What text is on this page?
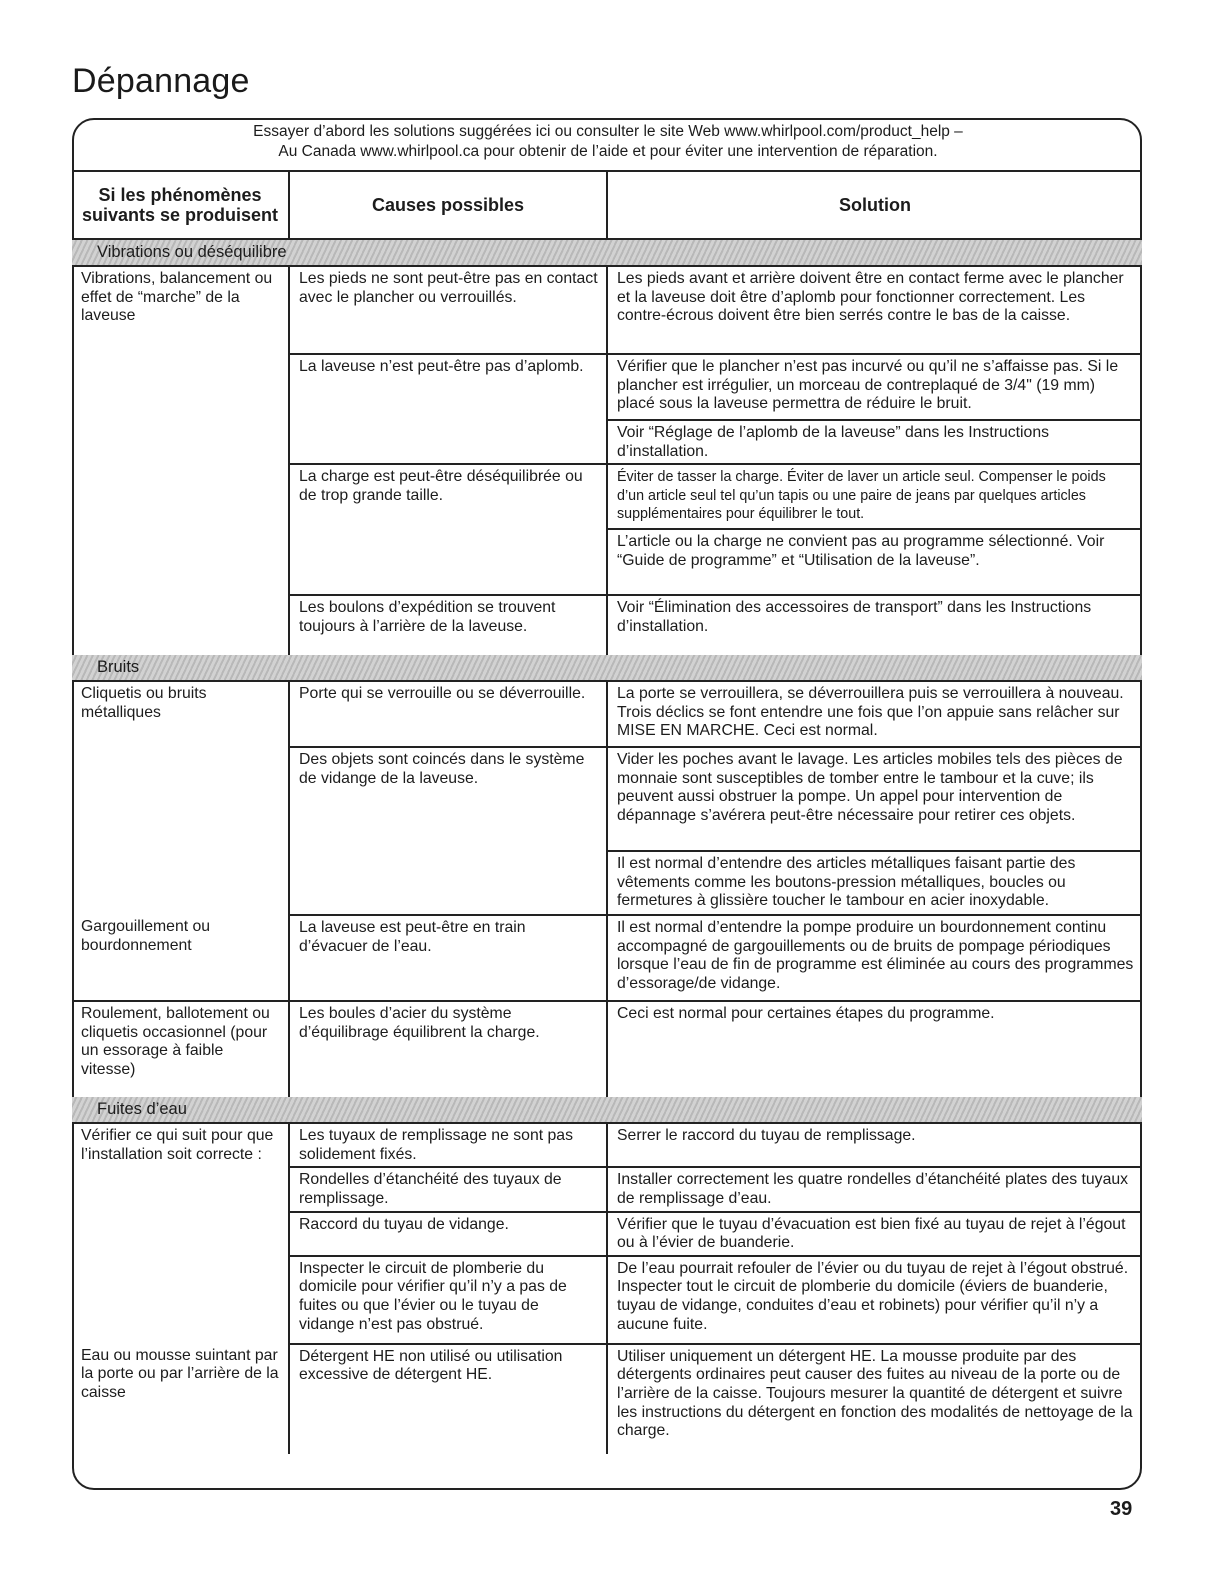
Dépannage
Essayer d’abord les solutions suggérées ici ou consulter le site Web www.whirlpool.com/product_help –
Au Canada www.whirlpool.ca pour obtenir de l’aide et pour éviter une intervention de réparation.
Si les phénomènes suivants se produisent	Causes possibles	Solution
Vibrations ou déséquilibre		
Vibrations, balancement ou effet de “marche” de la laveuse	Les pieds ne sont peut-être pas en contact avec le plancher ou verrouillés.	Les pieds avant et arrière doivent être en contact ferme avec le plancher et la laveuse doit être d’aplomb pour fonctionner correctement. Les contre-écrous doivent être bien serrés contre le bas de la caisse.
	La laveuse n’est peut-être pas d’aplomb.	Vérifier que le plancher n’est pas incurvé ou qu’il ne s’affaisse pas. Si le plancher est irrégulier, un morceau de contreplaqué de 3/4" (19 mm) placé sous la laveuse permettra de réduire le bruit.
		Voir “Réglage de l’aplomb de la laveuse” dans les Instructions d’installation.
	La charge est peut-être déséquilibrée ou de trop grande taille.	Éviter de tasser la charge. Éviter de laver un article seul. Compenser le poids d’un article seul tel qu’un tapis ou une paire de jeans par quelques articles supplémentaires pour équilibrer le tout.
		L’article ou la charge ne convient pas au programme sélectionné. Voir “Guide de programme” et “Utilisation de la laveuse”.
	Les boulons d’expédition se trouvent toujours à l’arrière de la laveuse.	Voir “Élimination des accessoires de transport” dans les Instructions d’installation.
Bruits		
Cliquetis ou bruits métalliques	Porte qui se verrouille ou se déverrouille.	La porte se verrouillera, se déverrouillera puis se verrouillera à nouveau. Trois déclics se font entendre une fois que l’on appuie sans relâcher sur MISE EN MARCHE. Ceci est normal.
	Des objets sont coincés dans le système de vidange de la laveuse.	Vider les poches avant le lavage. Les articles mobiles tels des pièces de monnaie sont susceptibles de tomber entre le tambour et la cuve; ils peuvent aussi obstruer la pompe. Un appel pour intervention de dépannage s’avérera peut-être nécessaire pour retirer ces objets.
		Il est normal d’entendre des articles métalliques faisant partie des vêtements comme les boutons-pression métalliques, boucles ou fermetures à glissière toucher le tambour en acier inoxydable.
Gargouillement ou bourdonnement	La laveuse est peut-être en train d’évacuer de l’eau.	Il est normal d’entendre la pompe produire un bourdonnement continu accompagné de gargouillements ou de bruits de pompage périodiques lorsque l’eau de fin de programme est éliminée au cours des programmes d’essorage/de vidange.
Roulement, ballotement ou cliquetis occasionnel (pour un essorage à faible vitesse)	Les boules d’acier du système d’équilibrage équilibrent la charge.	Ceci est normal pour certaines étapes du programme.
Fuites d’eau		
Vérifier ce qui suit pour que l’installation soit correcte :	Les tuyaux de remplissage ne sont pas solidement fixés.	Serrer le raccord du tuyau de remplissage.
	Rondelles d’étanchéité des tuyaux de remplissage.	Installer correctement les quatre rondelles d’étanchéité plates des tuyaux de remplissage d’eau.
	Raccord du tuyau de vidange.	Vérifier que le tuyau d’évacuation est bien fixé au tuyau de rejet à l’égout ou à l’évier de buanderie.
	Inspecter le circuit de plomberie du domicile pour vérifier qu’il n’y a pas de fuites ou que l’évier ou le tuyau de vidange n’est pas obstrué.	De l’eau pourrait refouler de l’évier ou du tuyau de rejet à l’égout obstrué. Inspecter tout le circuit de plomberie du domicile (éviers de buanderie, tuyau de vidange, conduites d’eau et robinets) pour vérifier qu’il n’y a aucune fuite.
Eau ou mousse suintant par la porte ou par l’arrière de la caisse	Détergent HE non utilisé ou utilisation excessive de détergent HE.	Utiliser uniquement un détergent HE. La mousse produite par des détergents ordinaires peut causer des fuites au niveau de la porte ou de l’arrière de la caisse. Toujours mesurer la quantité de détergent et suivre les instructions du détergent en fonction des modalités de nettoyage de la charge.
39
